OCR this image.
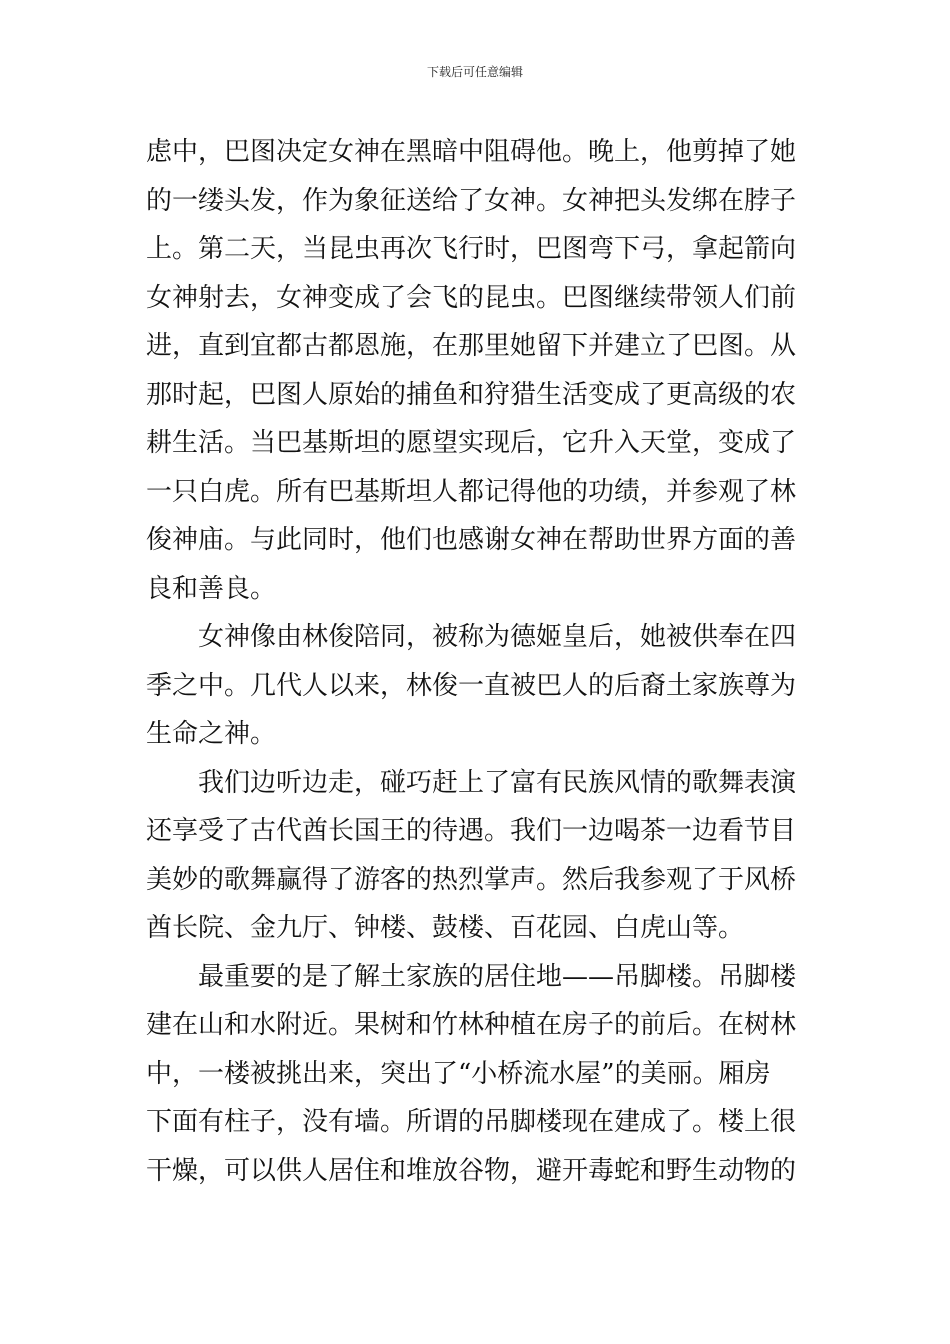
下载后可任意编辑
虑中，巴图决定女神在黑暗中阻碍他。晚上，他剪掉了她
的一缕头发，作为象征送给了女神。女神把头发绑在脖子
上。第二天，当昆虫再次飞行时，巴图弯下弓，拿起箭向
女神射去，女神变成了会飞的昆虫。巴图继续带领人们前
进，直到宜都古都恩施，在那里她留下并建立了巴图。从
那时起，巴图人原始的捕鱼和狩猎生活变成了更高级的农
耕生活。当巴基斯坦的愿望实现后，它升入天堂，变成了
一只白虎。所有巴基斯坦人都记得他的功绩，并参观了林
俊神庙。与此同时，他们也感谢女神在帮助世界方面的善
良和善良。
女神像由林俊陪同，被称为德姬皇后，她被供奉在四
季之中。几代人以来，林俊一直被巴人的后裔土家族尊为
生命之神。
我们边听边走，碰巧赶上了富有民族风情的歌舞表演
还享受了古代酋长国王的待遇。我们一边喝茶一边看节目
美妙的歌舞赢得了游客的热烈掌声。然后我参观了于风桥
酋长院、金九厅、钟楼、鼓楼、百花园、白虎山等。
最重要的是了解土家族的居住地——吊脚楼。吊脚楼
建在山和水附近。果树和竹林种植在房子的前后。在树林
中，一楼被挑出来，突出了“小桥流水屋”的美丽。厢房
下面有柱子，没有墙。所谓的吊脚楼现在建成了。楼上很
干燥，可以供人居住和堆放谷物，避开毒蛇和野生动物的
